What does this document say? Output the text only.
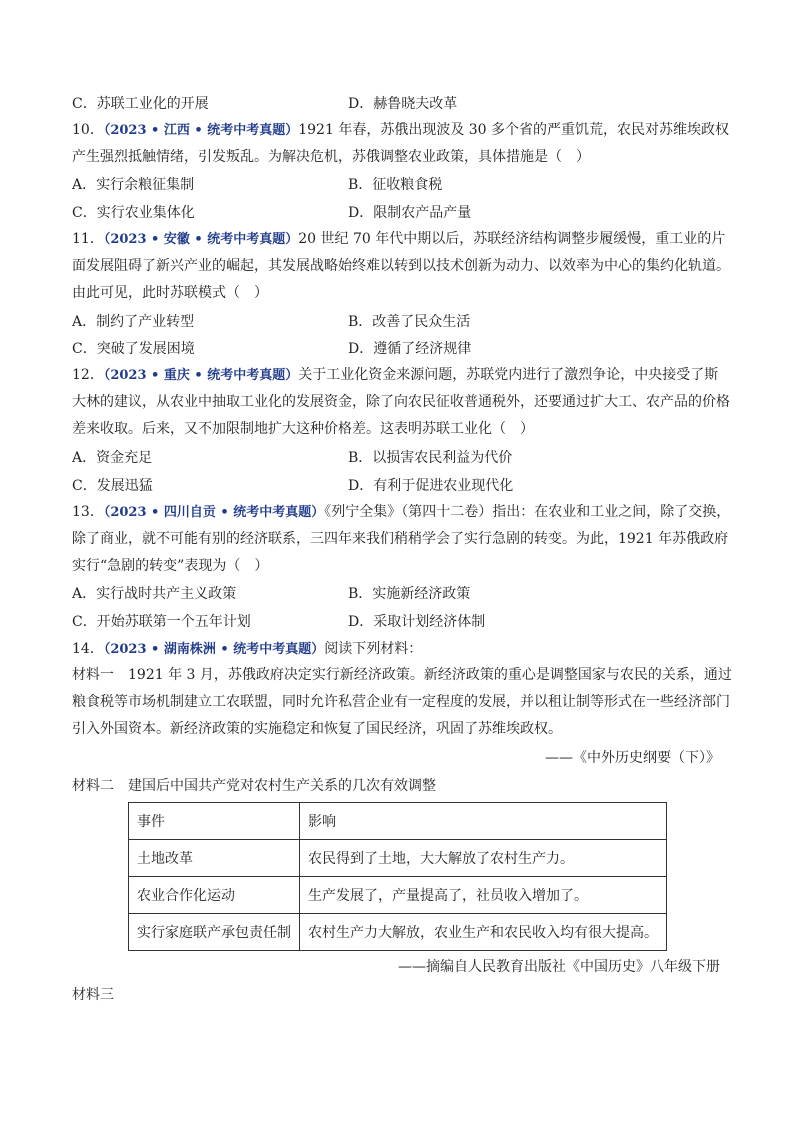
C．苏联工业化的开展	D．赫鲁晓夫改革
10．（2023 • 江西 • 统考中考真题）1921 年春，苏俄出现波及 30 多个省的严重饥荒，农民对苏维埃政权产生强烈抵触情绪，引发叛乱。为解决危机，苏俄调整农业政策，具体措施是（　）
A．实行余粮征集制	B．征收粮食税
C．实行农业集体化	D．限制农产品产量
11．（2023 • 安徽 • 统考中考真题）20 世纪 70 年代中期以后，苏联经济结构调整步履缓慢，重工业的片面发展阻碍了新兴产业的崛起，其发展战略始终难以转到以技术创新为动力、以效率为中心的集约化轨道。由此可见，此时苏联模式（　）
A．制约了产业转型	B．改善了民众生活
C．突破了发展困境	D．遵循了经济规律
12．（2023 • 重庆 • 统考中考真题）关于工业化资金来源问题，苏联党内进行了激烈争论，中央接受了斯大林的建议，从农业中抽取工业化的发展资金，除了向农民征收普通税外，还要通过扩大工、农产品的价格差来收取。后来，又不加限制地扩大这种价格差。这表明苏联工业化（　）
A．资金充足	B．以损害农民利益为代价
C．发展迅猛	D．有利于促进农业现代化
13．（2023 • 四川自贡 • 统考中考真题）《列宁全集》（第四十二卷）指出：在农业和工业之间，除了交换，除了商业，就不可能有别的经济联系，三四年来我们稍稍学会了实行急剧的转变。为此，1921 年苏俄政府实行“急剧的转变”表现为（　）
A．实行战时共产主义政策	B．实施新经济政策
C．开始苏联第一个五年计划	D．采取计划经济体制
14．（2023 • 湖南株洲 • 统考中考真题）阅读下列材料：
材料一　 1921 年 3 月，苏俄政府决定实行新经济政策。新经济政策的重心是调整国家与农民的关系，通过粮食税等市场机制建立工农联盟，同时允许私营企业有一定程度的发展，并以租让制等形式在一些经济部门引入外国资本。新经济政策的实施稳定和恢复了国民经济，巩固了苏维埃政权。
——《中外历史纲要（下）》
材料二　 建国后中国共产党对农村生产关系的几次有效调整
事件	影响
土地改革	农民得到了土地，大大解放了农村生产力。
农业合作化运动	生产发展了，产量提高了，社员收入增加了。
实行家庭联产承包责任制	农村生产力大解放，农业生产和农民收入均有很大提高。
——摘编自人民教育出版社《中国历史》八年级下册
材料三
